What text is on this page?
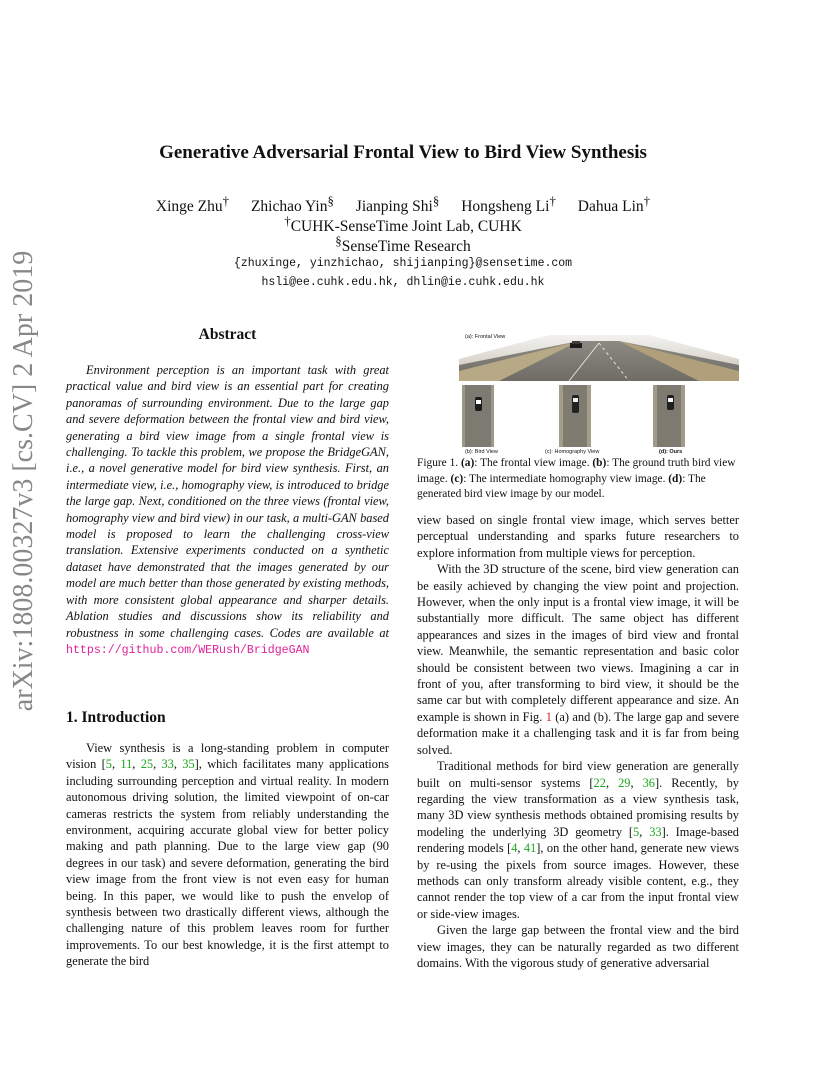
arXiv:1808.00327v3 [cs.CV] 2 Apr 2019
Generative Adversarial Frontal View to Bird View Synthesis
Xinge Zhu† Zhichao Yin§ Jianping Shi§ Hongsheng Li† Dahua Lin†
†CUHK-SenseTime Joint Lab, CUHK
§SenseTime Research
{zhuxinge, yinzhichao, shijianping}@sensetime.com
hsli@ee.cuhk.edu.hk, dhlin@ie.cuhk.edu.hk
Abstract
Environment perception is an important task with great practical value and bird view is an essential part for creating panoramas of surrounding environment. Due to the large gap and severe deformation between the frontal view and bird view, generating a bird view image from a single frontal view is challenging. To tackle this problem, we propose the BridgeGAN, i.e., a novel generative model for bird view synthesis. First, an intermediate view, i.e., homography view, is introduced to bridge the large gap. Next, conditioned on the three views (frontal view, homography view and bird view) in our task, a multi-GAN based model is proposed to learn the challenging cross-view translation. Extensive experiments conducted on a synthetic dataset have demonstrated that the images generated by our model are much better than those generated by existing methods, with more consistent global appearance and sharper details. Ablation studies and discussions show its reliability and robustness in some challenging cases. Codes are available at https://github.com/WERush/BridgeGAN
1. Introduction

View synthesis is a long-standing problem in computer vision [5, 11, 25, 33, 35], which facilitates many applications including surrounding perception and virtual reality. In modern autonomous driving solution, the limited viewpoint of on-car cameras restricts the system from reliably understanding the environment, acquiring accurate global view for better policy making and path planning. Due to the large view gap (90 degrees in our task) and severe deformation, generating the bird view image from the front view is not even easy for human being. In this paper, we would like to push the envelop of synthesis between two drastically different views, although the challenging nature of this problem leaves room for further improvements. To our best knowledge, it is the first attempt to generate the bird

(a): Frontal View
(b): Bird View	(c): Homography View	(d): Ours
Figure 1. (a): The frontal view image. (b): The ground truth bird view image. (c): The intermediate homography view image. (d): The generated bird view image by our model.

view based on single frontal view image, which serves better perceptual understanding and sparks future researchers to explore information from multiple views for perception.

With the 3D structure of the scene, bird view generation can be easily achieved by changing the view point and projection. However, when the only input is a frontal view image, it will be substantially more difficult. The same object has different appearances and sizes in the images of bird view and frontal view. Meanwhile, the semantic representation and basic color should be consistent between two views. Imagining a car in front of you, after transforming to bird view, it should be the same car but with completely different appearance and size. An example is shown in Fig. 1 (a) and (b). The large gap and severe deformation make it a challenging task and it is far from being solved.

Traditional methods for bird view generation are generally built on multi-sensor systems [22, 29, 36]. Recently, by regarding the view transformation as a view synthesis task, many 3D view synthesis methods obtained promising results by modeling the underlying 3D geometry [5, 33]. Image-based rendering models [4, 41], on the other hand, generate new views by re-using the pixels from source images. However, these methods can only transform already visible content, e.g., they cannot render the top view of a car from the input frontal view or side-view images.

Given the large gap between the frontal view and the bird view images, they can be naturally regarded as two different domains. With the vigorous study of generative adversarial
